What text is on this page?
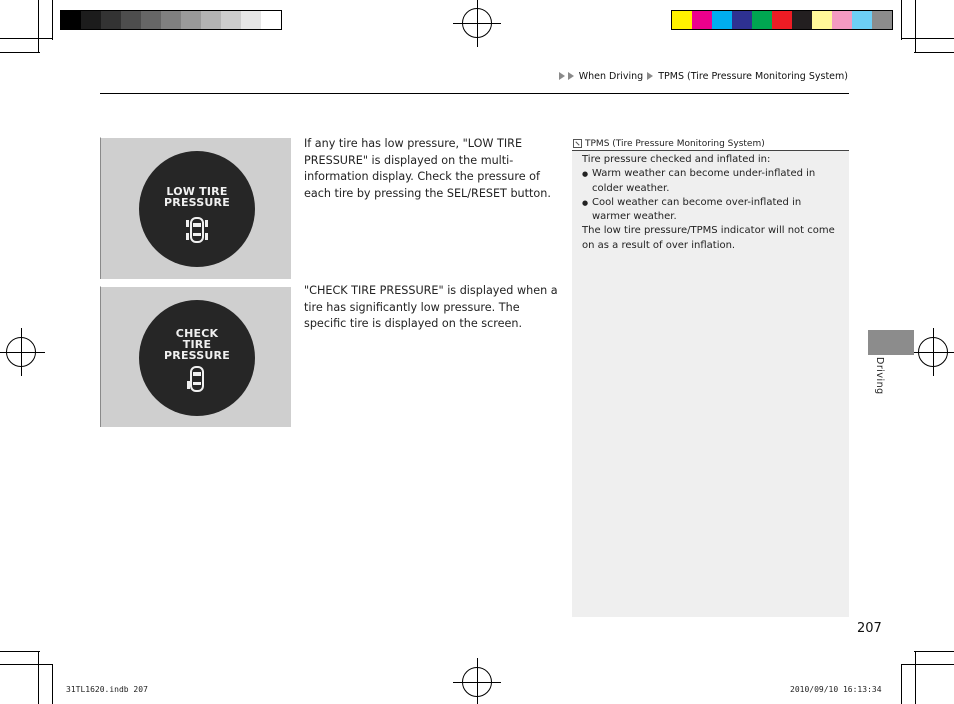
When Driving TPMS (Tire Pressure Monitoring System)
LOW TIRE
PRESSURE
If any tire has low pressure, "LOW TIRE PRESSURE" is displayed on the multi-information display. Check the pressure of each tire by pressing the SEL/RESET button.
CHECK
TIRE
PRESSURE
"CHECK TIRE PRESSURE" is displayed when a tire has significantly low pressure. The specific tire is displayed on the screen.
TPMS (Tire Pressure Monitoring System)
Tire pressure checked and inflated in:
● Warm weather can become under-inflated in colder weather.
● Cool weather can become over-inflated in warmer weather.
The low tire pressure/TPMS indicator will not come on as a result of over inflation.
Driving
207
31TL1620.indb 207	2010/09/10 16:13:34
